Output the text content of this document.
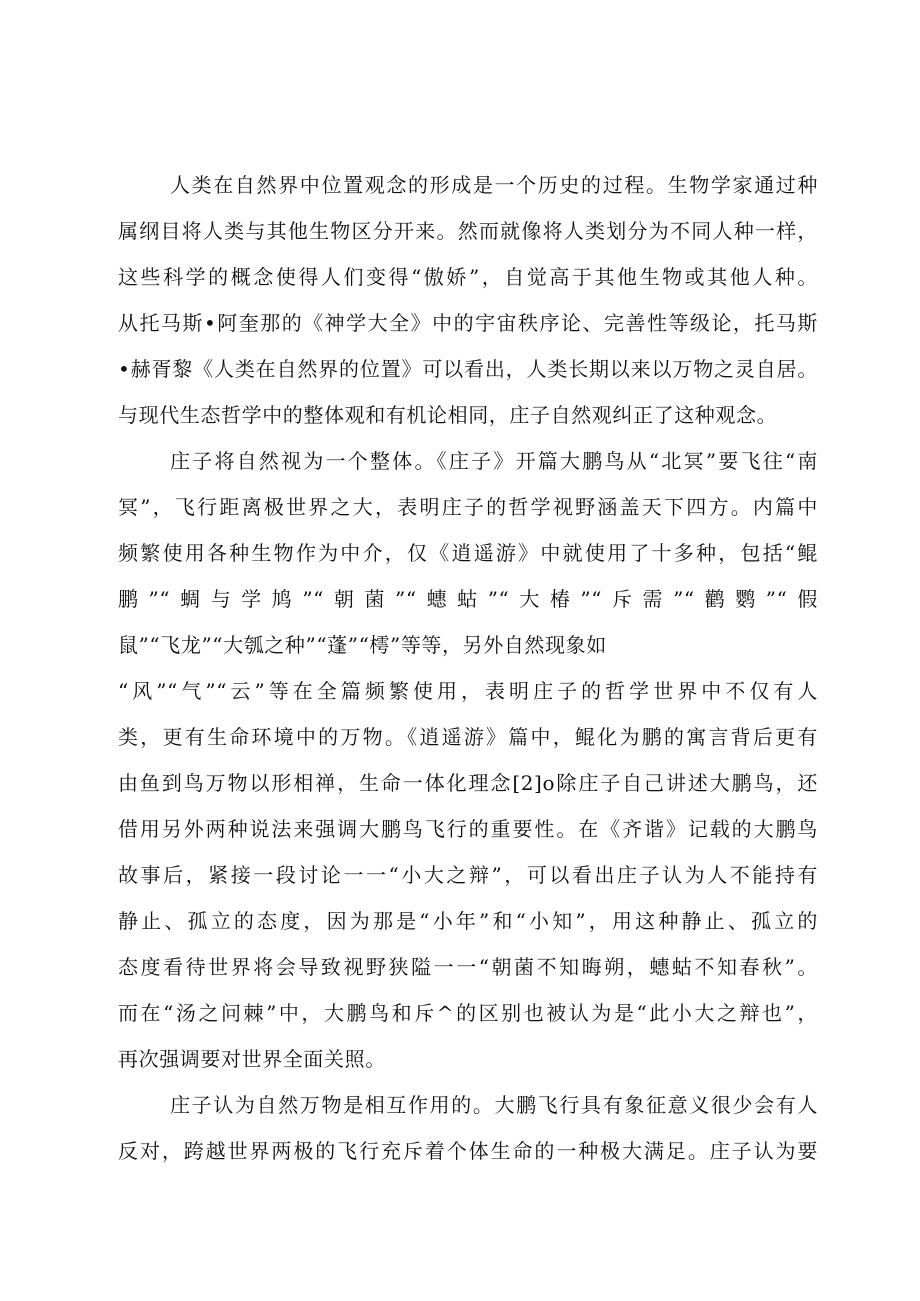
人类在自然界中位置观念的形成是一个历史的过程。生物学家通过种
属纲目将人类与其他生物区分开来。然而就像将人类划分为不同人种一样，
这些科学的概念使得人们变得“傲娇”，自觉高于其他生物或其他人种。
从托马斯•阿奎那的《神学大全》中的宇宙秩序论、完善性等级论，托马斯
•赫胥黎《人类在自然界的位置》可以看出，人类长期以来以万物之灵自居。
与现代生态哲学中的整体观和有机论相同，庄子自然观纠正了这种观念。
庄子将自然视为一个整体。《庄子》开篇大鹏鸟从“北冥”要飞往“南
冥”，飞行距离极世界之大，表明庄子的哲学视野涵盖天下四方。内篇中
频繁使用各种生物作为中介，仅《逍遥游》中就使用了十多种，包括“鲲
鹏”“蜩与学鸠”“朝菌”“蟪蛄”“大椿”“斥需”“鹳鹦”“假
鼠”“飞龙”“大瓠之种”“蓬”“樗”等等，另外自然现象如
“风”“气”“云”等在全篇频繁使用，表明庄子的哲学世界中不仅有人
类，更有生命环境中的万物。《逍遥游》篇中，鲲化为鹏的寓言背后更有
由鱼到鸟万物以形相禅，生命一体化理念[2]o除庄子自己讲述大鹏鸟，还
借用另外两种说法来强调大鹏鸟飞行的重要性。在《齐谐》记载的大鹏鸟
故事后，紧接一段讨论一一“小大之辩”，可以看出庄子认为人不能持有
静止、孤立的态度，因为那是“小年”和“小知”，用这种静止、孤立的
态度看待世界将会导致视野狭隘一一“朝菌不知晦朔，蟪蛄不知春秋”。
而在“汤之问棘”中，大鹏鸟和斥^的区别也被认为是“此小大之辩也”，
再次强调要对世界全面关照。
庄子认为自然万物是相互作用的。大鹏飞行具有象征意义很少会有人
反对，跨越世界两极的飞行充斥着个体生命的一种极大满足。庄子认为要
